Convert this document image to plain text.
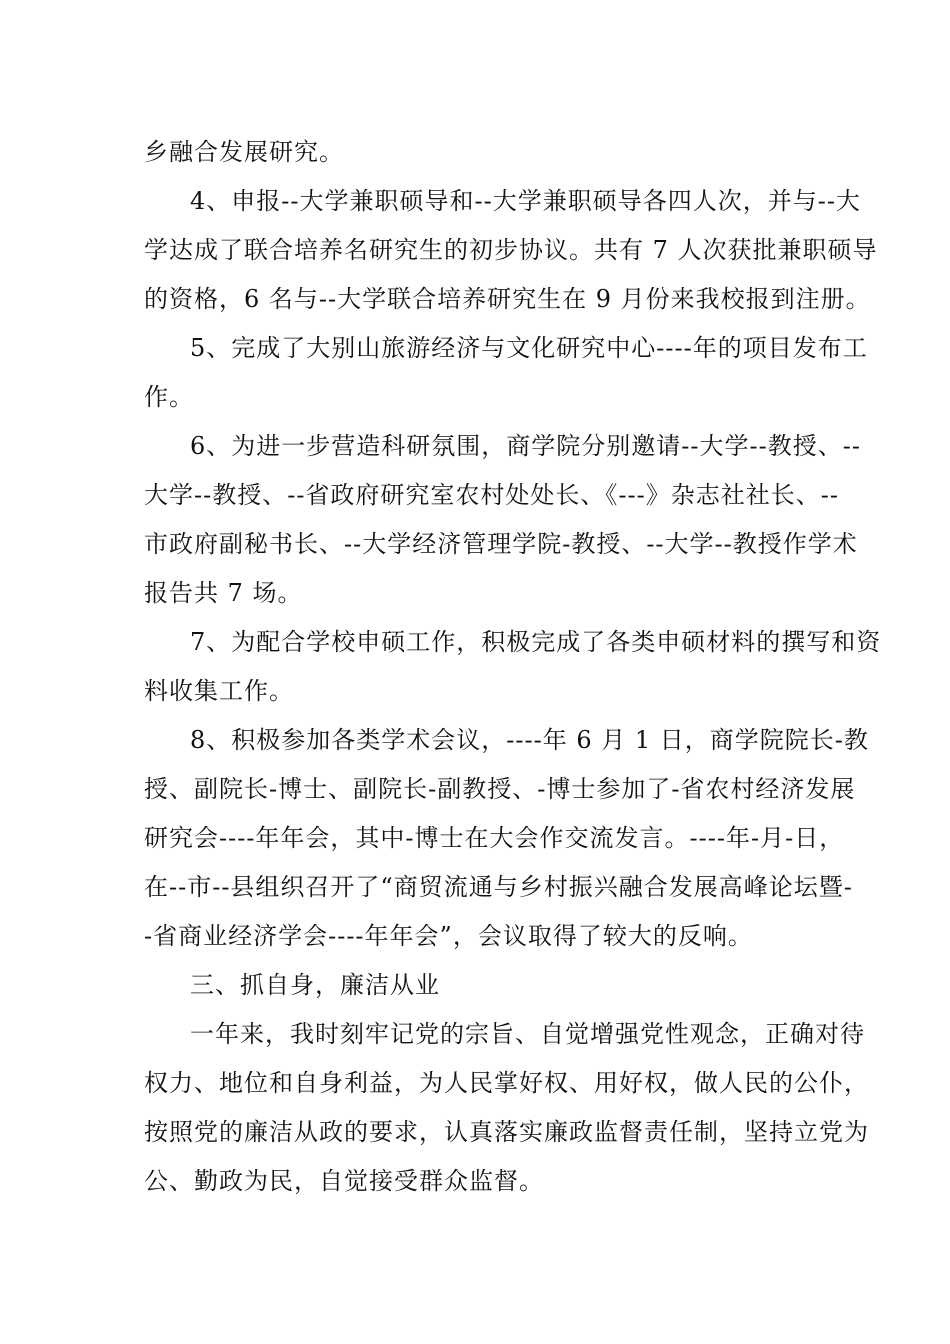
乡融合发展研究。

4、申报--大学兼职硕导和--大学兼职硕导各四人次，并与--大

学达成了联合培养名研究生的初步协议。共有 7 人次获批兼职硕导

的资格，6 名与--大学联合培养研究生在 9 月份来我校报到注册。

5、完成了大别山旅游经济与文化研究中心----年的项目发布工

作。

6、为进一步营造科研氛围，商学院分别邀请--大学--教授、--

大学--教授、--省政府研究室农村处处长、《---》杂志社社长、--

市政府副秘书长、--大学经济管理学院-教授、--大学--教授作学术

报告共 7 场。

7、为配合学校申硕工作，积极完成了各类申硕材料的撰写和资

料收集工作。

8、积极参加各类学术会议，----年 6 月 1 日，商学院院长-教

授、副院长-博士、副院长-副教授、-博士参加了-省农村经济发展

研究会----年年会，其中-博士在大会作交流发言。----年-月-日，

在--市--县组织召开了“商贸流通与乡村振兴融合发展高峰论坛暨-

-省商业经济学会----年年会”，会议取得了较大的反响。

三、抓自身，廉洁从业

一年来，我时刻牢记党的宗旨、自觉增强党性观念，正确对待

权力、地位和自身利益，为人民掌好权、用好权，做人民的公仆，

按照党的廉洁从政的要求，认真落实廉政监督责任制，坚持立党为

公、勤政为民，自觉接受群众监督。
